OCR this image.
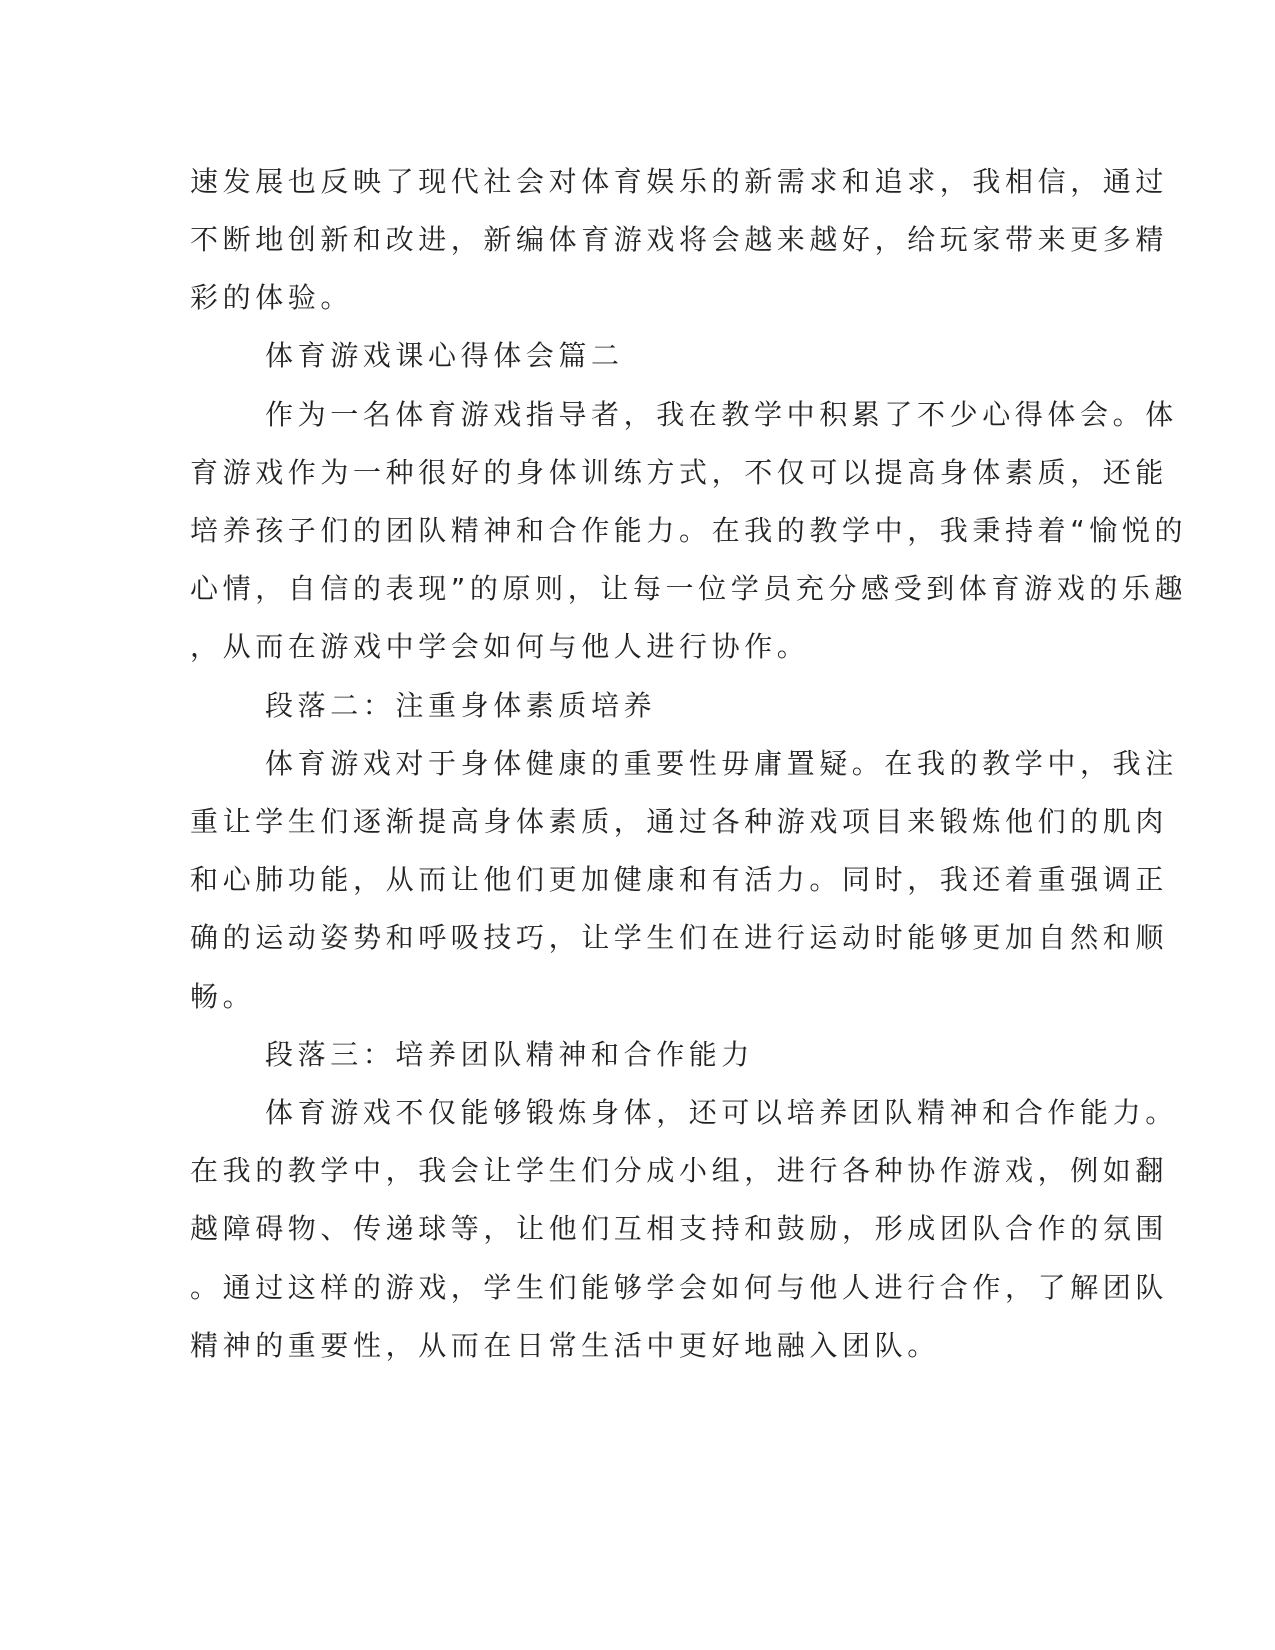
速发展也反映了现代社会对体育娱乐的新需求和追求，我相信，通过
不断地创新和改进，新编体育游戏将会越来越好，给玩家带来更多精
彩的体验。
体育游戏课心得体会篇二
作为一名体育游戏指导者，我在教学中积累了不少心得体会。体
育游戏作为一种很好的身体训练方式，不仅可以提高身体素质，还能
培养孩子们的团队精神和合作能力。在我的教学中，我秉持着“愉悦的
心情，自信的表现”的原则，让每一位学员充分感受到体育游戏的乐趣
，从而在游戏中学会如何与他人进行协作。
段落二：注重身体素质培养
体育游戏对于身体健康的重要性毋庸置疑。在我的教学中，我注
重让学生们逐渐提高身体素质，通过各种游戏项目来锻炼他们的肌肉
和心肺功能，从而让他们更加健康和有活力。同时，我还着重强调正
确的运动姿势和呼吸技巧，让学生们在进行运动时能够更加自然和顺
畅。
段落三：培养团队精神和合作能力
体育游戏不仅能够锻炼身体，还可以培养团队精神和合作能力。
在我的教学中，我会让学生们分成小组，进行各种协作游戏，例如翻
越障碍物、传递球等，让他们互相支持和鼓励，形成团队合作的氛围
。通过这样的游戏，学生们能够学会如何与他人进行合作，了解团队
精神的重要性，从而在日常生活中更好地融入团队。
